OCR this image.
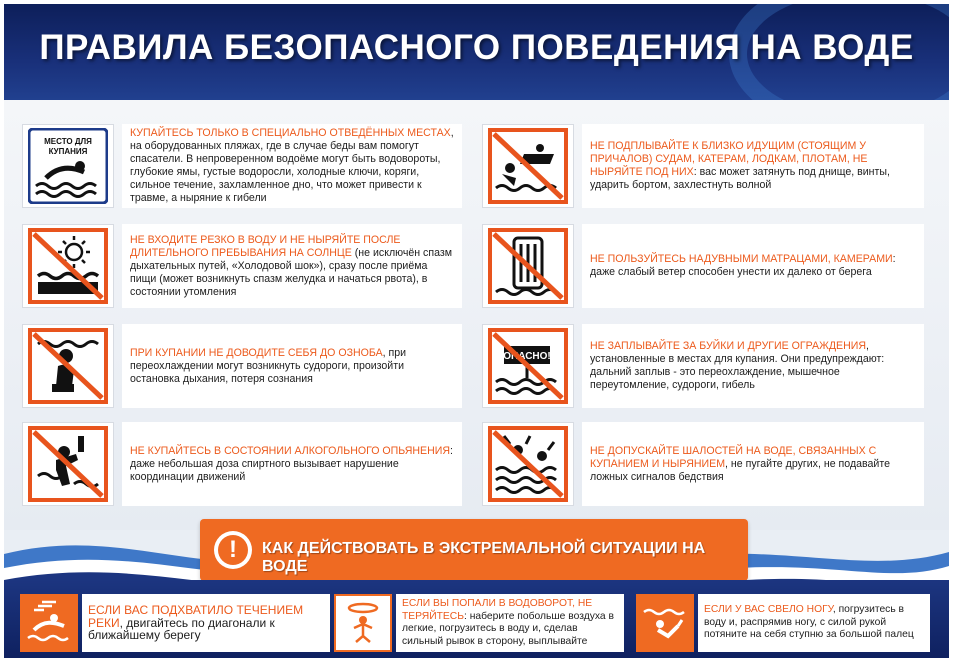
ПРАВИЛА БЕЗОПАСНОГО ПОВЕДЕНИЯ НА ВОДЕ
МЕСТО ДЛЯ
КУПАНИЯ

КУПАЙТЕСЬ ТОЛЬКО В СПЕЦИАЛЬНО ОТВЕДЁННЫХ МЕСТАХ, на оборудованных пляжах, где в случае беды вам помогут спасатели. В непроверенном водоёме могут быть водовороты, глубокие ямы, густые водоросли, холодные ключи, коряги, сильное течение, захламленное дно, что может привести к травме, а ныряние к гибели

НЕ ВХОДИТЕ РЕЗКО В ВОДУ И НЕ НЫРЯЙТЕ ПОСЛЕ ДЛИТЕЛЬНОГО ПРЕБЫВАНИЯ НА СОЛНЦЕ (не исключён спазм дыхательных путей, «Холодовой шок»), сразу после приёма пищи (может возникнуть спазм желудка и начаться рвота), в состоянии утомления

ПРИ КУПАНИИ НЕ ДОВОДИТЕ СЕБЯ ДО ОЗНОБА, при переохлаждении могут возникнуть судороги, произойти остановка дыхания, потеря сознания

НЕ КУПАЙТЕСЬ В СОСТОЯНИИ АЛКОГОЛЬНОГО ОПЬЯНЕНИЯ: даже небольшая доза спиртного вызывает нарушение координации движений

НЕ ПОДПЛЫВАЙТЕ К БЛИЗКО ИДУЩИМ (СТОЯЩИМ У ПРИЧАЛОВ) СУДАМ, КАТЕРАМ, ЛОДКАМ, ПЛОТАМ, НЕ НЫРЯЙТЕ ПОД НИХ: вас может затянуть под днище, винты, ударить бортом, захлестнуть волной

НЕ ПОЛЬЗУЙТЕСЬ НАДУВНЫМИ МАТРАЦАМИ, КАМЕРАМИ: даже слабый ветер способен унести их далеко от берега

ОПАСНО!

НЕ ЗАПЛЫВАЙТЕ ЗА БУЙКИ И ДРУГИЕ ОГРАЖДЕНИЯ, установленные в местах для купания. Они предупреждают: дальний заплыв - это переохлаждение, мышечное переутомление, судороги, гибель

НЕ ДОПУСКАЙТЕ ШАЛОСТЕЙ НА ВОДЕ, СВЯЗАННЫХ С КУПАНИЕМ И НЫРЯНИЕМ, не пугайте других, не подавайте ложных сигналов бедствия

!	КАК ДЕЙСТВОВАТЬ В ЭКСТРЕМАЛЬНОЙ СИТУАЦИИ НА ВОДЕ

ЕСЛИ ВАС ПОДХВАТИЛО ТЕЧЕНИЕМ РЕКИ, двигайтесь по диагонали к ближайшему берегу

ЕСЛИ ВЫ ПОПАЛИ В ВОДОВОРОТ, НЕ ТЕРЯЙТЕСЬ: наберите побольше воздуха в легкие, погрузитесь в воду и, сделав сильный рывок в сторону, выплывайте

ЕСЛИ У ВАС СВЕЛО НОГУ, погрузитесь в воду и, распрямив ногу, с силой рукой потяните на себя ступню за большой палец
